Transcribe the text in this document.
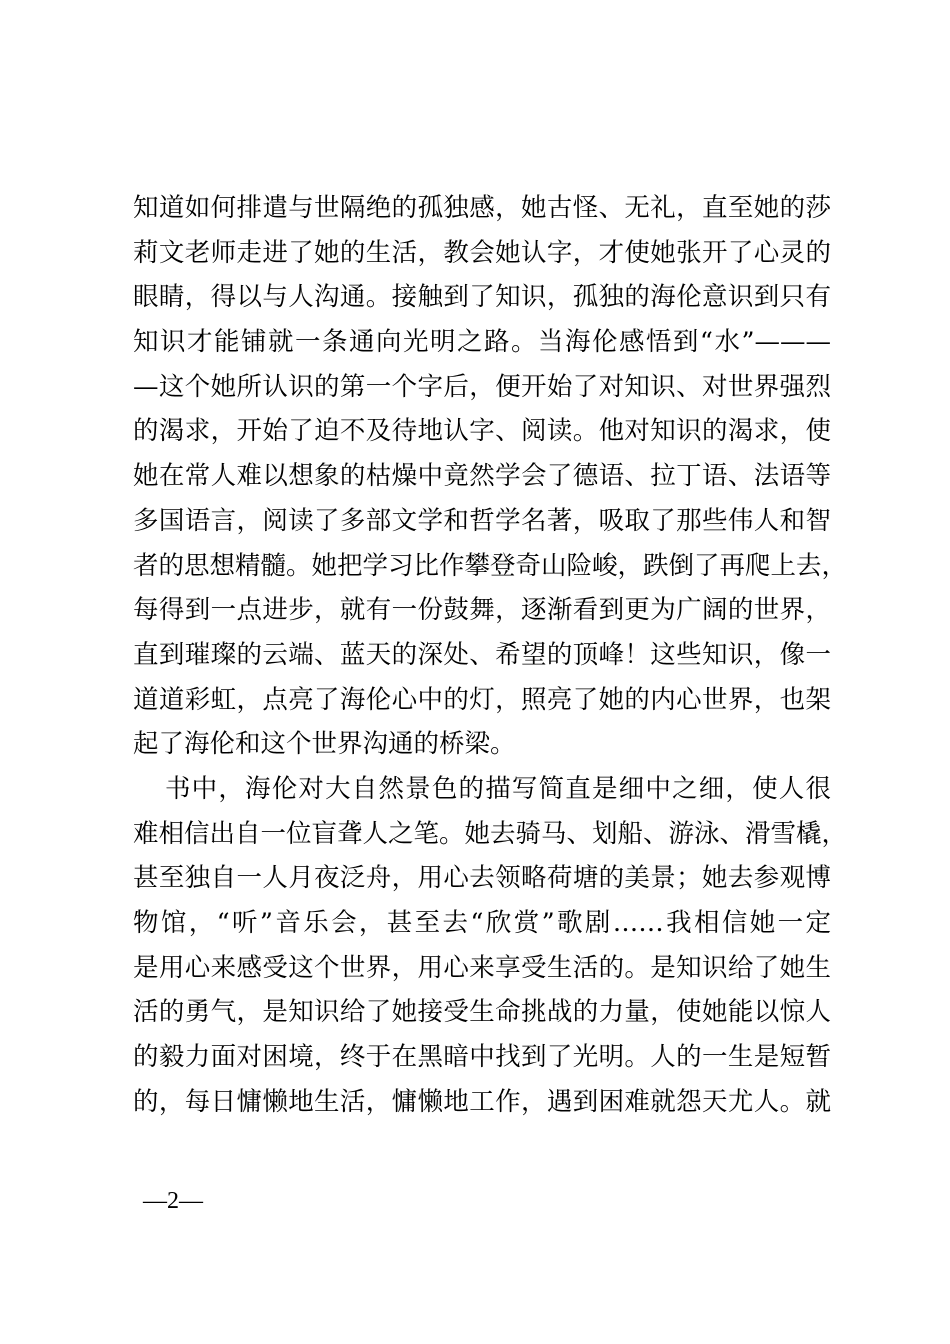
知道如何排遣与世隔绝的孤独感，她古怪、无礼，直至她的莎
莉文老师走进了她的生活，教会她认字，才使她张开了心灵的
眼睛，得以与人沟通。接触到了知识，孤独的海伦意识到只有
知识才能铺就一条通向光明之路。当海伦感悟到“水”———
—这个她所认识的第一个字后，便开始了对知识、对世界强烈
的渴求，开始了迫不及待地认字、阅读。他对知识的渴求，使
她在常人难以想象的枯燥中竟然学会了德语、拉丁语、法语等
多国语言，阅读了多部文学和哲学名著，吸取了那些伟人和智
者的思想精髓。她把学习比作攀登奇山险峻，跌倒了再爬上去，
每得到一点进步，就有一份鼓舞，逐渐看到更为广阔的世界，
直到璀璨的云端、蓝天的深处、希望的顶峰！这些知识，像一
道道彩虹，点亮了海伦心中的灯，照亮了她的内心世界，也架
起了海伦和这个世界沟通的桥梁。
书中，海伦对大自然景色的描写简直是细中之细，使人很
难相信出自一位盲聋人之笔。她去骑马、划船、游泳、滑雪橇，
甚至独自一人月夜泛舟，用心去领略荷塘的美景；她去参观博
物馆，“听”音乐会，甚至去“欣赏”歌剧……我相信她一定
是用心来感受这个世界，用心来享受生活的。是知识给了她生
活的勇气，是知识给了她接受生命挑战的力量，使她能以惊人
的毅力面对困境，终于在黑暗中找到了光明。人的一生是短暂
的，每日慵懒地生活，慵懒地工作，遇到困难就怨天尤人。就
—2—
